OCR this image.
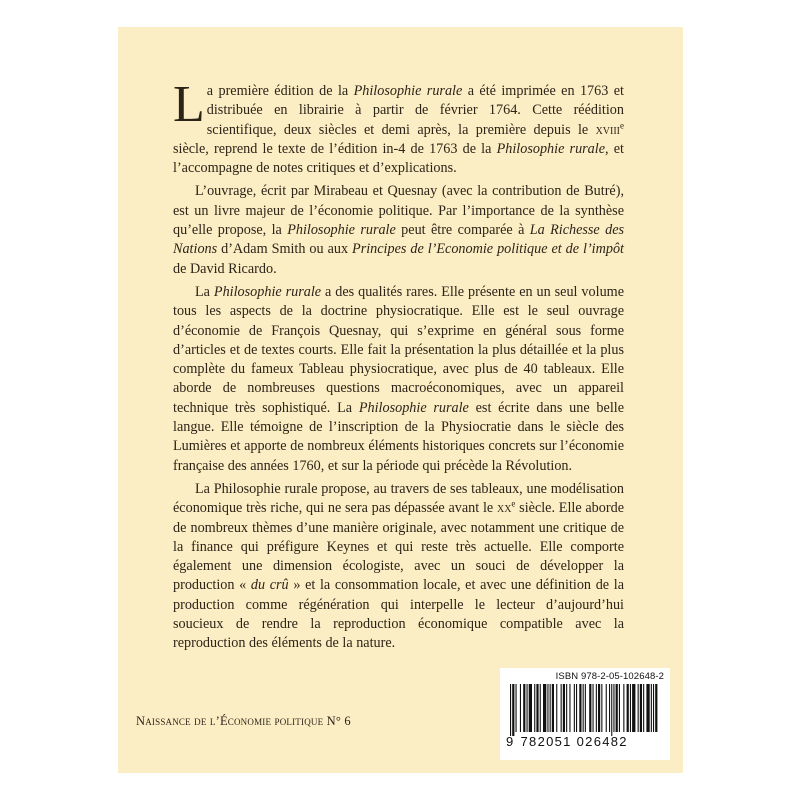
La première édition de la Philosophie rurale a été imprimée en 1763 et distribuée en librairie à partir de février 1764. Cette réédition scientifique, deux siècles et demi après, la première depuis le xviii$^e$ siècle, reprend le texte de l’édition in-4 de 1763 de la Philosophie rurale, et l’accompagne de notes critiques et d’explications.

L’ouvrage, écrit par Mirabeau et Quesnay (avec la contribution de Butré), est un livre majeur de l’économie politique. Par l’importance de la synthèse qu’elle propose, la Philosophie rurale peut être comparée à La Richesse des Nations d’Adam Smith ou aux Principes de l’Economie politique et de l’impôt de David Ricardo.

La Philosophie rurale a des qualités rares. Elle présente en un seul volume tous les aspects de la doctrine physiocratique. Elle est le seul ouvrage d’économie de François Quesnay, qui s’exprime en général sous forme d’articles et de textes courts. Elle fait la présentation la plus détaillée et la plus complète du fameux Tableau physiocratique, avec plus de 40 tableaux. Elle aborde de nombreuses questions macroéconomiques, avec un appareil technique très sophistiqué. La Philosophie rurale est écrite dans une belle langue. Elle témoigne de l’inscription de la Physiocratie dans le siècle des Lumières et apporte de nombreux éléments historiques concrets sur l’économie française des années 1760, et sur la période qui précède la Révolution.

La Philosophie rurale propose, au travers de ses tableaux, une modélisation économique très riche, qui ne sera pas dépassée avant le $xx^e$ siècle. Elle aborde de nombreux thèmes d’une manière originale, avec notamment une critique de la finance qui préfigure Keynes et qui reste très actuelle. Elle comporte également une dimension écologiste, avec un souci de développer la production « du crû » et la consommation locale, et avec une définition de la production comme régénération qui interpelle le lecteur d’aujourd’hui soucieux de rendre la reproduction économique compatible avec la reproduction des éléments de la nature.

Naissance de l’Économie politique N° 6
ISBN 978-2-05-102648-2
9 782051 026482
